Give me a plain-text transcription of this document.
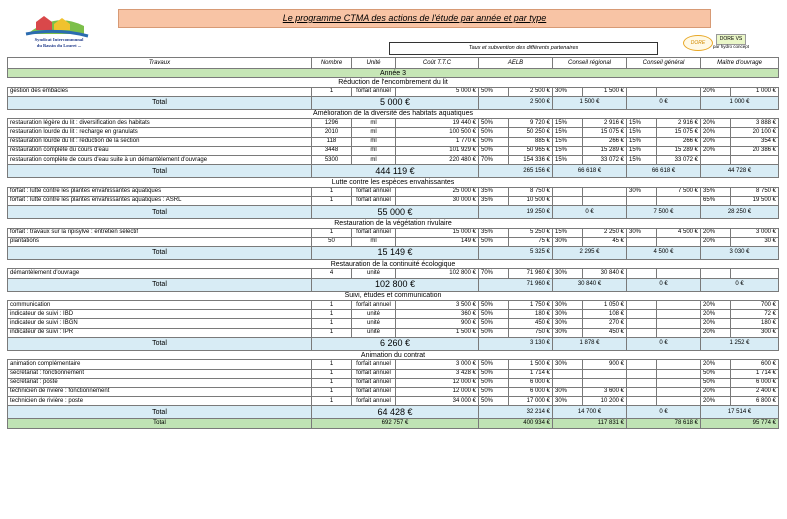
Syndicat Intercommunal
du Bassin du Louret ...
Le programme CTMA des actions de l'étude par année et par type
Taux et subvention des différents partenaires
DORE
DORE VS
par hydro concept
Travaux	Nombre	Unité	Coût T.T.C	AELB		Conseil régional		Conseil général		Maître d'ouvrage	
Année 3											
Réduction de l'encombrement du lit											
gestion des embâcles	1	forfait annuel	5 000 €	50%	2 500 €	30%	1 500 €			20%	1 000 €
Total	5 000 €			2 500 €		1 500 €		0 €		1 000 €	
Amélioration de la diversité des habitats aquatiques											
restauration légère du lit : diversification des habitats	1296	ml	19 440 €	50%	9 720 €	15%	2 916 €	15%	2 916 €	20%	3 888 €
restauration lourde du lit : recharge en granulats	2010	ml	100 500 €	50%	50 250 €	15%	15 075 €	15%	15 075 €	20%	20 100 €
restauration lourde du lit : réduction de la section	118	ml	1 770 €	50%	885 €	15%	266 €	15%	266 €	20%	354 €
restauration complète du cours d'eau	3448	ml	101 929 €	50%	50 965 €	15%	15 289 €	15%	15 289 €	20%	20 386 €
restauration complète de cours d'eau suite à un démantèlement d'ouvrage	5300	ml	220 480 €	70%	154 336 €	15%	33 072 €	15%	33 072 €		
Total	444 119 €			265 156 €		66 618 €		66 618 €		44 728 €	
Lutte contre les espèces envahissantes											
forfait : lutte contre les plantes envahissantes aquatiques	1	forfait annuel	25 000 €	35%	8 750 €			30%	7 500 €	35%	8 750 €
forfait : lutte contre les plantes envahissantes aquatiques : ASRL	1	forfait annuel	30 000 €	35%	10 500 €					65%	19 500 €
Total	55 000 €			19 250 €		0 €		7 500 €		28 250 €	
Restauration de la végétation rivulaire											
forfait : travaux sur la ripisylve : entretien sélectif	1	forfait annuel	15 000 €	35%	5 250 €	15%	2 250 €	30%	4 500 €	20%	3 000 €
plantations	50	ml	149 €	50%	75 €	30%	45 €			20%	30 €
Total	15 149 €			5 325 €		2 295 €		4 500 €		3 030 €	
Restauration de la continuité écologique											
démantèlement d'ouvrage	4	unité	102 800 €	70%	71 960 €	30%	30 840 €				
Total	102 800 €			71 960 €		30 840 €		0 €		0 €	
Suivi, études et communication											
communication	1	forfait annuel	3 500 €	50%	1 750 €	30%	1 050 €			20%	700 €
indicateur de suivi : IBD	1	unité	360 €	50%	180 €	30%	108 €			20%	72 €
indicateur de suivi : IBGN	1	unité	900 €	50%	450 €	30%	270 €			20%	180 €
indicateur de suivi : IPR	1	unité	1 500 €	50%	750 €	30%	450 €			20%	300 €
Total	6 260 €			3 130 €		1 878 €		0 €		1 252 €	
Animation du contrat											
animation complémentaire	1	forfait annuel	3 000 €	50%	1 500 €	30%	900 €			20%	600 €
secrétariat : fonctionnement	1	forfait annuel	3 428 €	50%	1 714 €					50%	1 714 €
secrétariat : poste	1	forfait annuel	12 000 €	50%	6 000 €					50%	6 000 €
technicien de rivière : fonctionnement	1	forfait annuel	12 000 €	50%	6 000 €	30%	3 600 €			20%	2 400 €
technicien de rivière : poste	1	forfait annuel	34 000 €	50%	17 000 €	30%	10 200 €			20%	6 800 €
Total	64 428 €			32 214 €		14 700 €		0 €		17 514 €	
Total	692 757 €			400 934 €		117 831 €		78 618 €		95 774 €	
